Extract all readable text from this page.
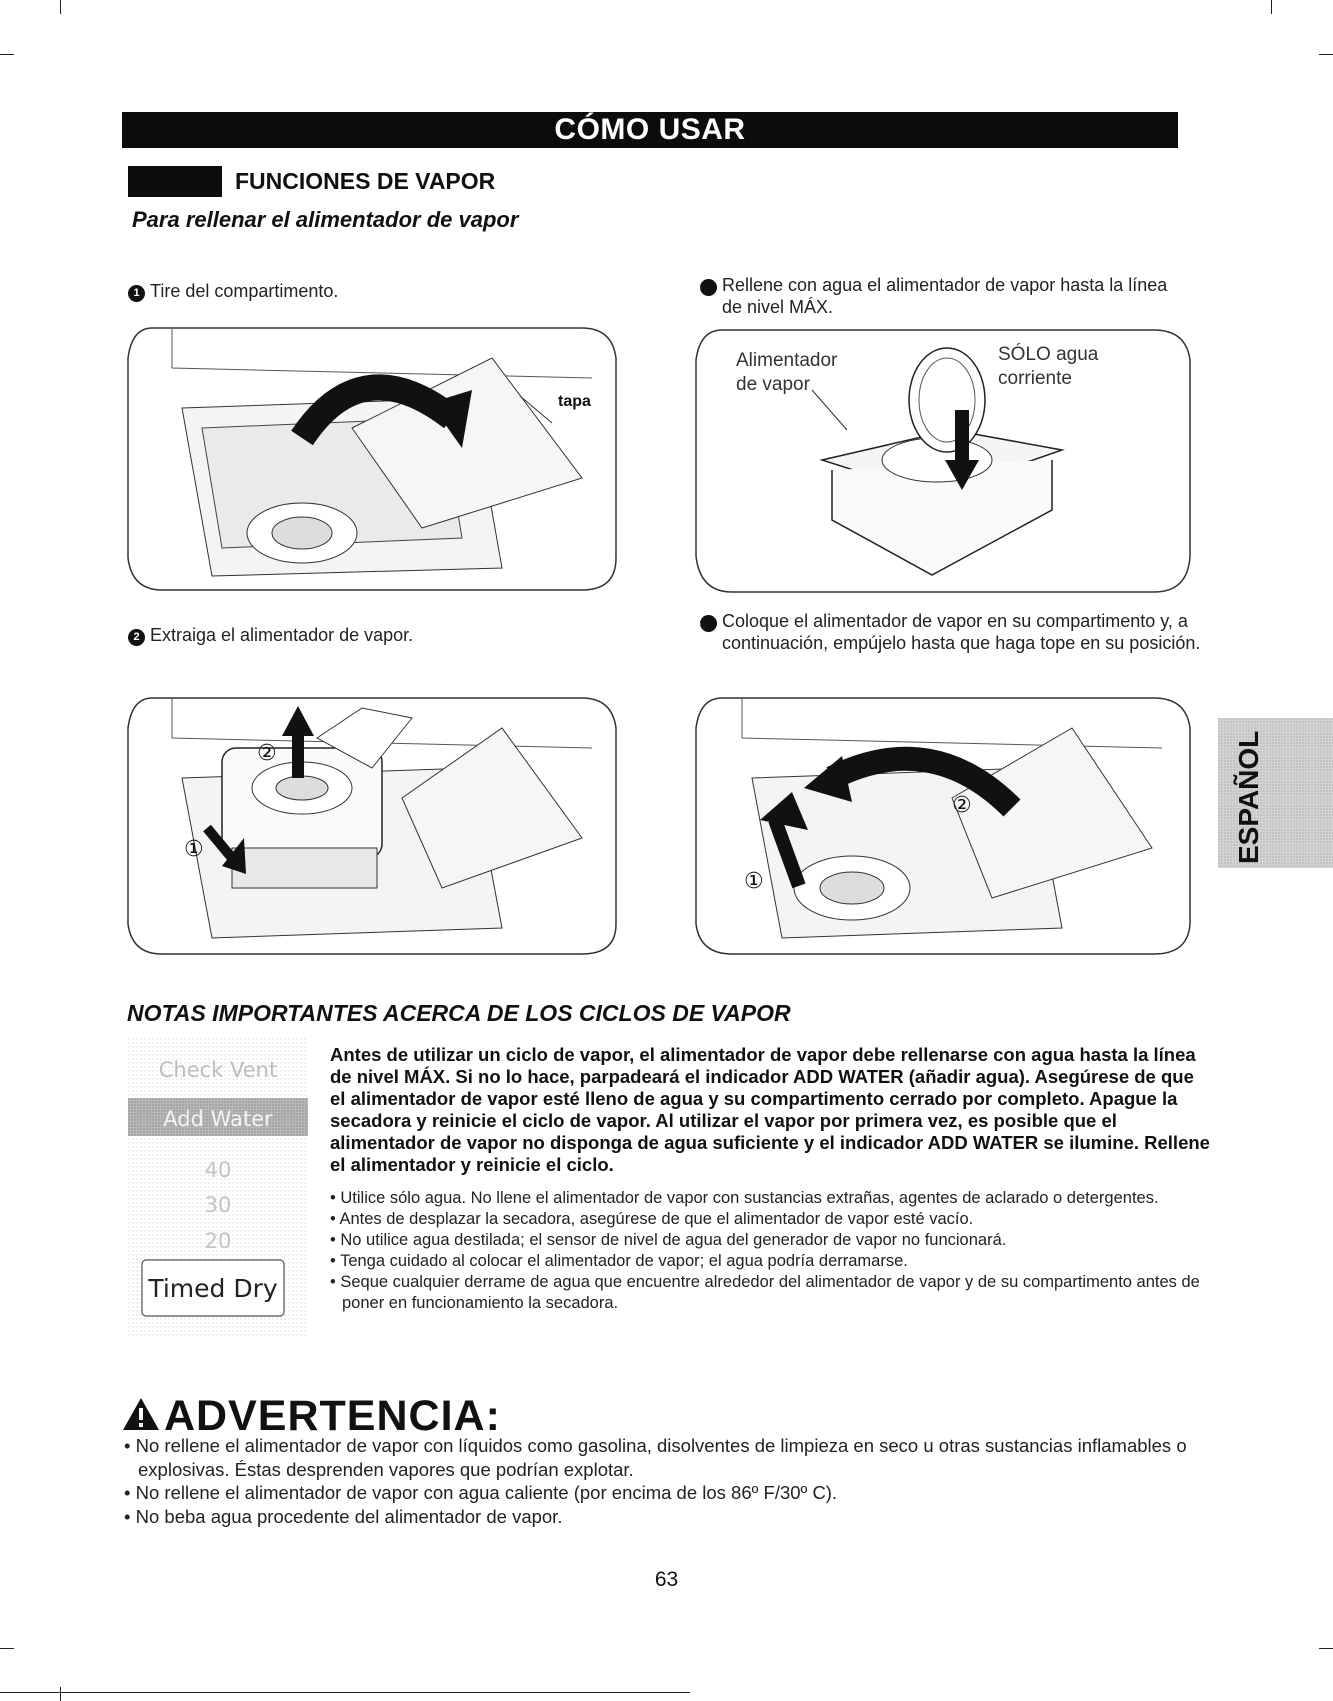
CÓMO USAR
FUNCIONES DE VAPOR
Para rellenar el alimentador de vapor
1 Tire del compartimento.
2 Extraiga el alimentador de vapor.
3 Rellene con agua el alimentador de vapor hasta la línea de nivel MÁX.
4 Coloque el alimentador de vapor en su compartimento y, a continuación, empújelo hasta que haga tope en su posición.
tapa
②
①
Alimentador
de vapor
SÓLO agua
corriente
②
①
NOTAS IMPORTANTES ACERCA DE LOS CICLOS DE VAPOR
Check Vent
Add Water
40
30
20
Timed Dry
Antes de utilizar un ciclo de vapor, el alimentador de vapor debe rellenarse con agua hasta la línea de nivel MÁX. Si no lo hace, parpadeará el indicador ADD WATER (añadir agua). Asegúrese de que el alimentador de vapor esté lleno de agua y su compartimento cerrado por completo. Apague la secadora y reinicie el ciclo de vapor. Al utilizar el vapor por primera vez, es posible que el alimentador de vapor no disponga de agua suficiente y el indicador ADD WATER se ilumine. Rellene el alimentador y reinicie el ciclo.
• Utilice sólo agua. No llene el alimentador de vapor con sustancias extrañas, agentes de aclarado o detergentes.
• Antes de desplazar la secadora, asegúrese de que el alimentador de vapor esté vacío.
• No utilice agua destilada; el sensor de nivel de agua del generador de vapor no funcionará.
• Tenga cuidado al colocar el alimentador de vapor; el agua podría derramarse.
• Seque cualquier derrame de agua que encuentre alrededor del alimentador de vapor y de su compartimento antes de poner en funcionamiento la secadora.
ADVERTENCIA:
• No rellene el alimentador de vapor con líquidos como gasolina, disolventes de limpieza en seco u otras sustancias inflamables o explosivas. Éstas desprenden vapores que podrían explotar.
• No rellene el alimentador de vapor con agua caliente (por encima de los 86º F/30º C).
• No beba agua procedente del alimentador de vapor.
63
ESPAÑOL
